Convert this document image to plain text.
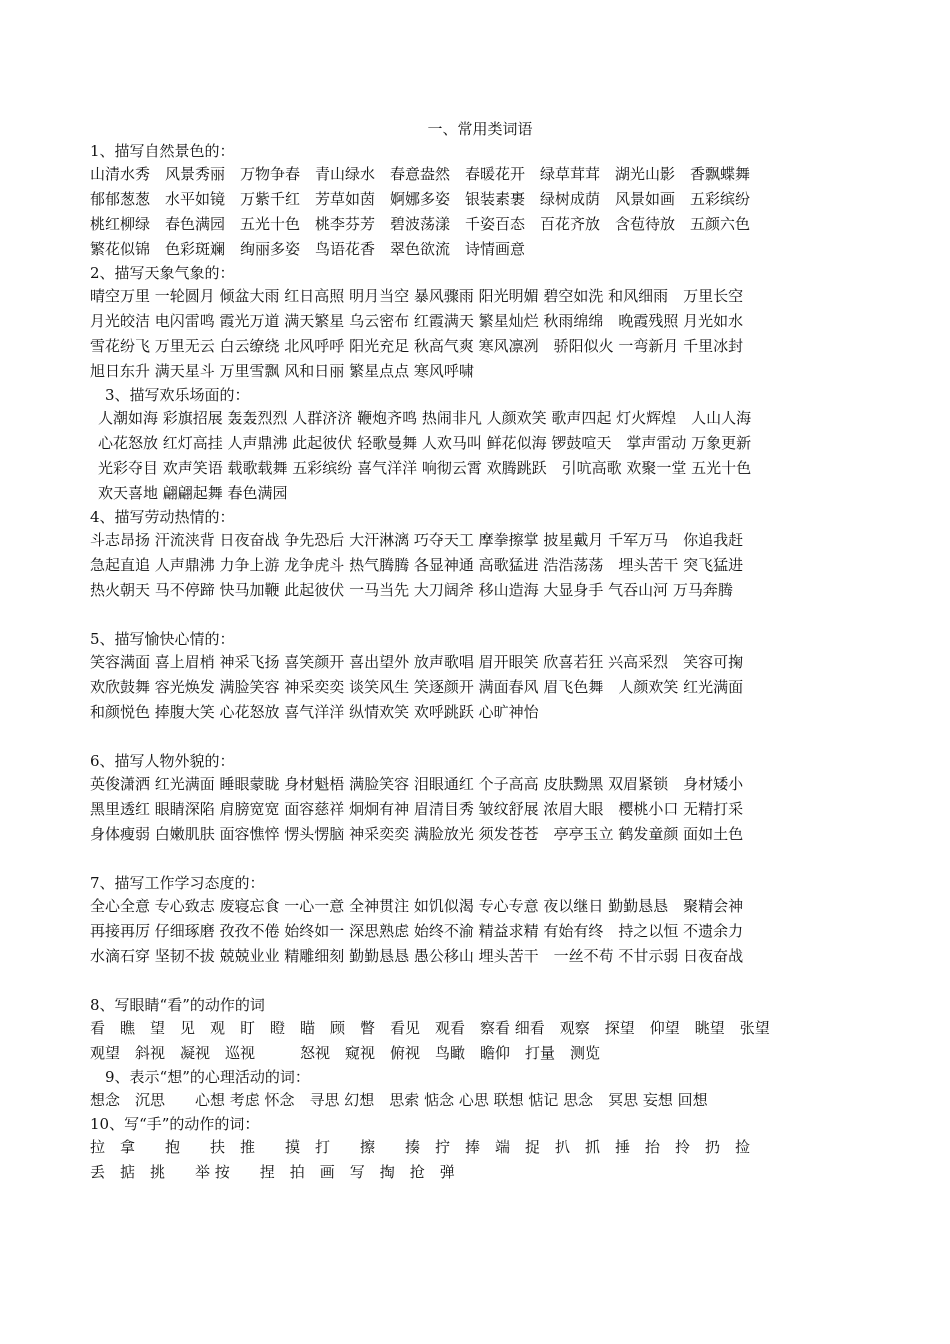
一、常用类词语
1、描写自然景色的：
山清水秀　风景秀丽　万物争春　青山绿水　春意盎然　春暖花开　绿草茸茸　湖光山影　香飘蝶舞
郁郁葱葱　水平如镜　万紫千红　芳草如茵　婀娜多姿　银装素裹　绿树成荫　风景如画　五彩缤纷
桃红柳绿　春色满园　五光十色　桃李芬芳　碧波荡漾　千姿百态　百花齐放　含苞待放　五颜六色
繁花似锦　色彩斑斓　绚丽多姿　鸟语花香　翠色欲流　诗情画意
2、描写天象气象的：
晴空万里 一轮圆月 倾盆大雨 红日高照 明月当空 暴风骤雨 阳光明媚 碧空如洗 和风细雨　万里长空
月光皎洁 电闪雷鸣 霞光万道 满天繁星 乌云密布 红霞满天 繁星灿烂 秋雨绵绵　晚霞残照 月光如水
雪花纷飞 万里无云 白云缭绕 北风呼呼 阳光充足 秋高气爽 寒风凛冽　骄阳似火 一弯新月 千里冰封
旭日东升 满天星斗 万里雪飘 风和日丽 繁星点点 寒风呼啸
3、描写欢乐场面的：
人潮如海 彩旗招展 轰轰烈烈 人群济济 鞭炮齐鸣 热闹非凡 人颜欢笑 歌声四起 灯火辉煌　人山人海
心花怒放 红灯高挂 人声鼎沸 此起彼伏 轻歌曼舞 人欢马叫 鲜花似海 锣鼓喧天　掌声雷动 万象更新
光彩夺目 欢声笑语 载歌载舞 五彩缤纷 喜气洋洋 响彻云霄 欢腾跳跃　引吭高歌 欢聚一堂 五光十色
欢天喜地 翩翩起舞 春色满园
4、描写劳动热情的：
斗志昂扬 汗流浃背 日夜奋战 争先恐后 大汗淋漓 巧夺天工 摩拳擦掌 披星戴月 千军万马　你追我赶
急起直追 人声鼎沸 力争上游 龙争虎斗 热气腾腾 各显神通 高歌猛进 浩浩荡荡　埋头苦干 突飞猛进
热火朝天 马不停蹄 快马加鞭 此起彼伏 一马当先 大刀阔斧 移山造海 大显身手 气吞山河 万马奔腾
5、描写愉快心情的：
笑容满面 喜上眉梢 神采飞扬 喜笑颜开 喜出望外 放声歌唱 眉开眼笑 欣喜若狂 兴高采烈　笑容可掬
欢欣鼓舞 容光焕发 满脸笑容 神采奕奕 谈笑风生 笑逐颜开 满面春风 眉飞色舞　人颜欢笑 红光满面
和颜悦色 捧腹大笑 心花怒放 喜气洋洋 纵情欢笑 欢呼跳跃 心旷神怡
6、描写人物外貌的：
英俊潇洒 红光满面 睡眼蒙眬 身材魁梧 满脸笑容 泪眼通红 个子高高 皮肤黝黑 双眉紧锁　身材矮小
黑里透红 眼睛深陷 肩膀宽宽 面容慈祥 炯炯有神 眉清目秀 皱纹舒展 浓眉大眼　樱桃小口 无精打采
身体瘦弱 白嫩肌肤 面容憔悴 愣头愣脑 神采奕奕 满脸放光 须发苍苍　亭亭玉立 鹤发童颜 面如土色
7、描写工作学习态度的：
全心全意 专心致志 废寝忘食 一心一意 全神贯注 如饥似渴 专心专意 夜以继日 勤勤恳恳　聚精会神
再接再厉 仔细琢磨 孜孜不倦 始终如一 深思熟虑 始终不渝 精益求精 有始有终　持之以恒 不遗余力
水滴石穿 坚韧不拔 兢兢业业 精雕细刻 勤勤恳恳 愚公移山 埋头苦干　一丝不苟 不甘示弱 日夜奋战
8、写眼睛“看”的动作的词
看　瞧　望　见　观　盯　瞪　瞄　顾　瞥　看见　观看　察看 细看　观察　探望　仰望　眺望　张望
观望　斜视　凝视　巡视　　　怒视　窥视　俯视　鸟瞰　瞻仰　打量　测览
9、表示“想”的心理活动的词：
想念　沉思　　心想 考虑 怀念　寻思 幻想　思索 惦念 心思 联想 惦记 思念　冥思 妄想 回想
10、写“手”的动作的词：
拉　拿　　抱　　扶　推　　摸　打　　擦　　揍　拧　捧　端　捉　扒　抓　捶　抬　拎　扔　捡
丢　掂　挑　　举 按　　捏　拍　画　写　掏　抢　弹
